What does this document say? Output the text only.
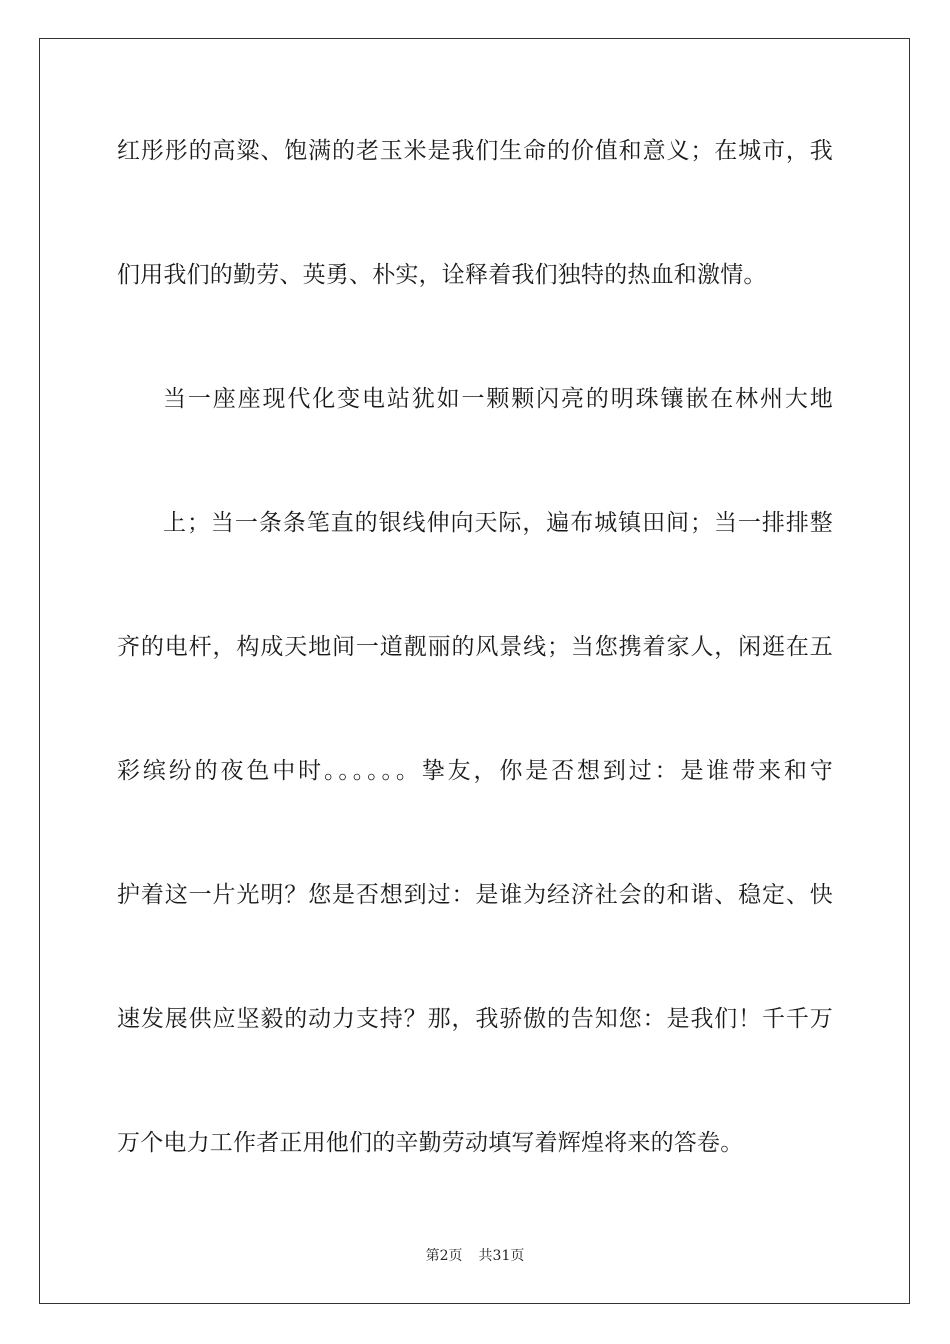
红彤彤的高粱、饱满的老玉米是我们生命的价值和意义；在城市，我
们用我们的勤劳、英勇、朴实，诠释着我们独特的热血和激情。
当一座座现代化变电站犹如一颗颗闪亮的明珠镶嵌在林州大地
上；当一条条笔直的银线伸向天际，遍布城镇田间；当一排排整
齐的电杆，构成天地间一道靓丽的风景线；当您携着家人，闲逛在五
彩缤纷的夜色中时。。。。。。挚友，你是否想到过：是谁带来和守
护着这一片光明？您是否想到过：是谁为经济社会的和谐、稳定、快
速发展供应坚毅的动力支持？那，我骄傲的告知您：是我们！千千万
万个电力工作者正用他们的辛勤劳动填写着辉煌将来的答卷。
第2页 共31页
